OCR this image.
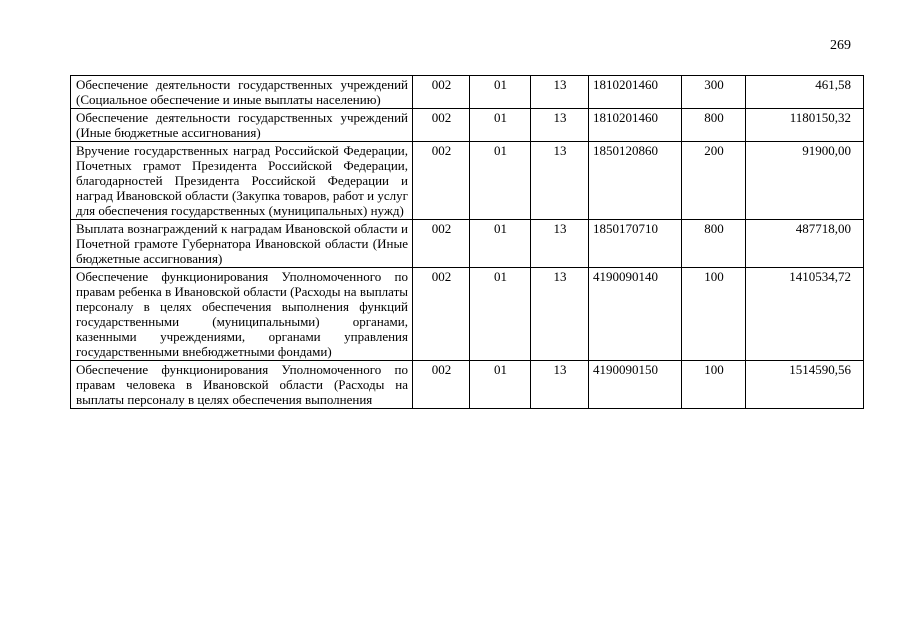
269
Обеспечение деятельности государственных учреждений (Социальное обеспечение и иные выплаты населению)	002	01	13	1810201460	300	461,58
Обеспечение деятельности государственных учреждений (Иные бюджетные ассигнования)	002	01	13	1810201460	800	1180150,32
Вручение государственных наград Российской Федерации, Почетных грамот Президента Российской Федерации, благодарностей Президента Российской Федерации и наград Ивановской области (Закупка товаров, работ и услуг для обеспечения государственных (муниципальных) нужд)	002	01	13	1850120860	200	91900,00
Выплата вознаграждений к наградам Ивановской области и Почетной грамоте Губернатора Ивановской области (Иные бюджетные ассигнования)	002	01	13	1850170710	800	487718,00
Обеспечение функционирования Уполномоченного по правам ребенка в Ивановской области (Расходы на выплаты персоналу в целях обеспечения выполнения функций государственными (муниципальными) органами, казенными учреждениями, органами управления государственными внебюджетными фондами)	002	01	13	4190090140	100	1410534,72
Обеспечение функционирования Уполномоченного по правам человека в Ивановской области (Расходы на выплаты персоналу в целях обеспечения выполнения	002	01	13	4190090150	100	1514590,56
